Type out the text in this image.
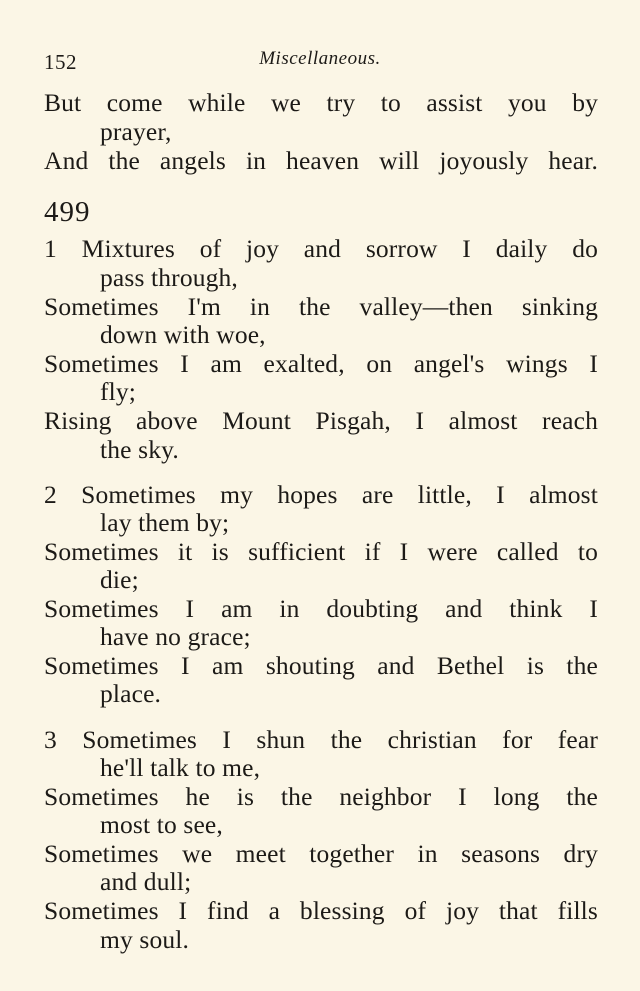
152	Miscellaneous.
But come while we try to assist you by
prayer,
And the angels in heaven will joyously hear.
499
1 Mixtures of joy and sorrow I daily do
pass through,
Sometimes I'm in the valley—then sinking
down with woe,
Sometimes I am exalted, on angel's wings I
fly;
Rising above Mount Pisgah, I almost reach
the sky.
2 Sometimes my hopes are little, I almost
lay them by;
Sometimes it is sufficient if I were called to
die;
Sometimes I am in doubting and think I
have no grace;
Sometimes I am shouting and Bethel is the
place.
3 Sometimes I shun the christian for fear
he'll talk to me,
Sometimes he is the neighbor I long the
most to see,
Sometimes we meet together in seasons dry
and dull;
Sometimes I find a blessing of joy that fills
my soul.
